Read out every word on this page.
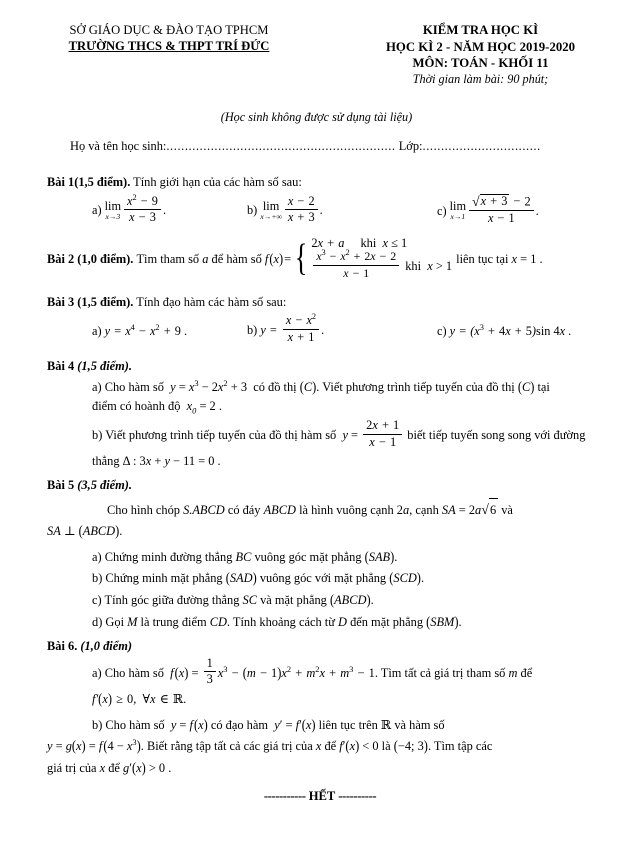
SỞ GIÁO DỤC & ĐÀO TẠO TPHCM
TRƯỜNG THCS & THPT TRÍ ĐỨC
KIỂM TRA HỌC KÌ
HỌC KÌ 2 - NĂM HỌC 2019-2020
MÔN: TOÁN - KHỐI 11
Thời gian làm bài: 90 phút;
(Học sinh không được sử dụng tài liệu)
Họ và tên học sinh:.............................................................. Lớp:................................
Bài 1(1,5 điểm). Tính giới hạn của các hàm số sau:
a) lim
$x\to 3 \frac{x^2 - 9}{x - 3}$ .	b) lim
$x\to+\infty \frac{x - 2}{x + 3}$ .	c) lim
$x\to 1 \frac{√ x + 3 - 2}{x - 1}$ .
Bài 2 (1,0 điểm). Tìm tham số a để hàm số f (x)= { 2x + a khi  x ≤ 1
$\frac{x^3 - x^2 + 2x - 2}{x - 1}$ khi  x > 1 liên tục tại x = 1 .
Bài 3 (1,5 điểm). Tính đạo hàm các hàm số sau:
a) $y = x^4 - x^2 + 9$ .	b) $y = \frac{x - x^2}{x + 1}$ .	c) $y = (x^3 + 4x + 5)\sin$ 4x .
Bài 4 (1,5 điểm).
a) Cho hàm số  $y = x^3 - 2x^2 + 3$  có đồ thị (C). Viết phương trình tiếp tuyến của đồ thị (C) tại
điểm có hoành độ  $x_0 = 2$ .
b) Viết phương trình tiếp tuyến của đồ thị hàm số  $y = \frac{2x + 1}{x - 1}$ biết tiếp tuyến song song với đường
thẳng Δ : 3x + y − 11 = 0 .
Bài 5 (3,5 điểm).
Cho hình chóp S.ABCD có đáy ABCD là hình vuông cạnh 2a, cạnh SA = 2a √ 6 và
SA ⊥ (ABCD).
a) Chứng minh đường thẳng BC vuông góc mặt phẳng (SAB).
b) Chứng minh mặt phẳng (SAD) vuông góc với mặt phẳng (SCD).
c) Tính góc giữa đường thẳng SC và mặt phẳng (ABCD).
d) Gọi M là trung điểm CD. Tính khoảng cách từ D đến mặt phẳng (SBM).
Bài 6. (1,0 điểm)
a) Cho hàm số  f $(x) = \frac{1}{3} x^3 - (m - 1)x^2 + m^2x + m^3 - 1$. Tìm tất cả giá trị tham số m để
f′(x) ≥ 0,  ∀x ∈ ℝ.
b) Cho hàm số  y = f (x) có đạo hàm  y′ = f′(x) liên tục trên ℝ và hàm số
y = g(x) = f $(4 - x^3)$. Biết rằng tập tất cả các giá trị của x để f′(x) < 0 là (−4; 3). Tìm tập các
giá trị của x để g′(x) > 0 .
----------- HẾT ----------
